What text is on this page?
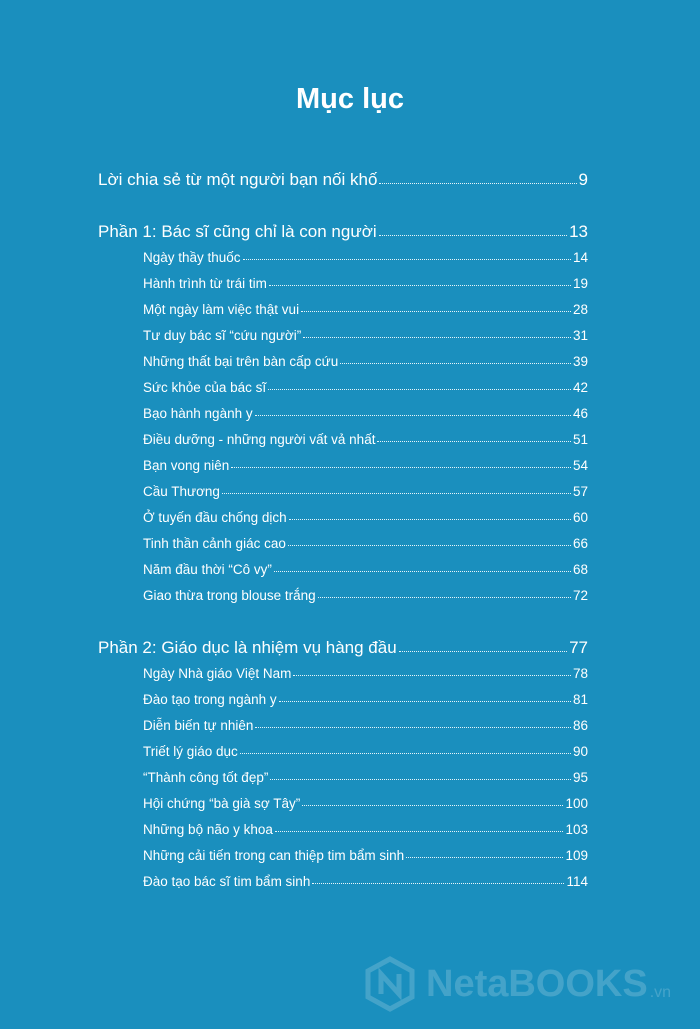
Mục lục
Lời chia sẻ từ một người bạn nối khố	9
Phần 1: Bác sĩ cũng chỉ là con người	13
Ngày thầy thuốc	14
Hành trình từ trái tim	19
Một ngày làm việc thật vui	28
Tư duy bác sĩ “cứu người”	31
Những thất bại trên bàn cấp cứu	39
Sức khỏe của bác sĩ	42
Bạo hành ngành y	46
Điều dưỡng - những người vất vả nhất	51
Bạn vong niên	54
Cầu Thương	57
Ở tuyến đầu chống dịch	60
Tinh thần cảnh giác cao	66
Năm đầu thời “Cô vy”	68
Giao thừa trong blouse trắng	72
Phần 2: Giáo dục là nhiệm vụ hàng đầu	77
Ngày Nhà giáo Việt Nam	78
Đào tạo trong ngành y	81
Diễn biến tự nhiên	86
Triết lý giáo dục	90
“Thành công tốt đẹp”	95
Hội chứng “bà già sợ Tây”	100
Những bộ não y khoa	103
Những cải tiến trong can thiệp tim bẩm sinh	109
Đào tạo bác sĩ tim bẩm sinh	114
NetaBOOKS .vn
